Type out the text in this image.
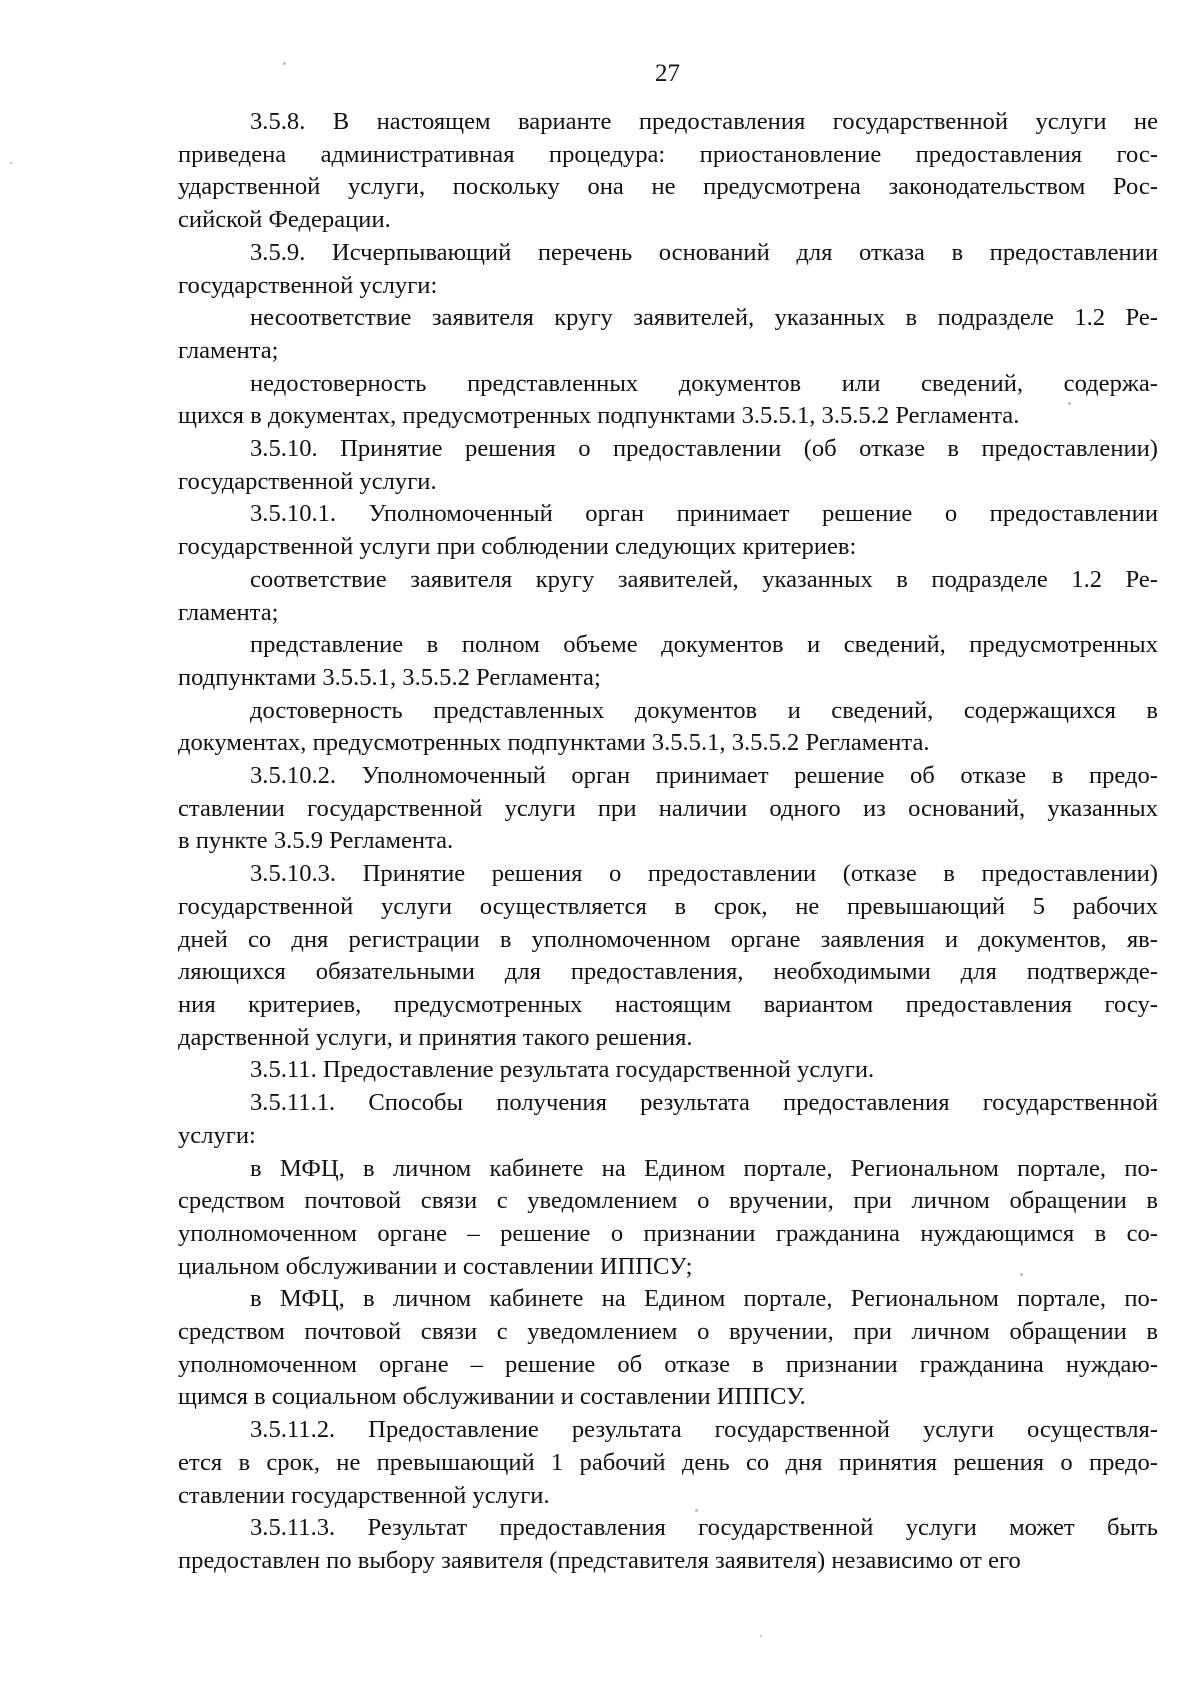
27
3.5.8. В настоящем варианте предоставления государственной услуги не
приведена административная процедура: приостановление предоставления гос-
ударственной услуги, поскольку она не предусмотрена законодательством Рос-
сийской Федерации.
3.5.9. Исчерпывающий перечень оснований для отказа в предоставлении
государственной услуги:
несоответствие заявителя кругу заявителей, указанных в подразделе 1.2 Ре-
гламента;
недостоверность представленных документов или сведений, содержа-
щихся в документах, предусмотренных подпунктами 3.5.5.1, 3.5.5.2 Регламента.
3.5.10. Принятие решения о предоставлении (об отказе в предоставлении)
государственной услуги.
3.5.10.1. Уполномоченный орган принимает решение о предоставлении
государственной услуги при соблюдении следующих критериев:
соответствие заявителя кругу заявителей, указанных в подразделе 1.2 Ре-
гламента;
представление в полном объеме документов и сведений, предусмотренных
подпунктами 3.5.5.1, 3.5.5.2 Регламента;
достоверность представленных документов и сведений, содержащихся в
документах, предусмотренных подпунктами 3.5.5.1, 3.5.5.2 Регламента.
3.5.10.2. Уполномоченный орган принимает решение об отказе в предо-
ставлении государственной услуги при наличии одного из оснований, указанных
в пункте 3.5.9 Регламента.
3.5.10.3. Принятие решения о предоставлении (отказе в предоставлении)
государственной услуги осуществляется в срок, не превышающий 5 рабочих
дней со дня регистрации в уполномоченном органе заявления и документов, яв-
ляющихся обязательными для предоставления, необходимыми для подтвержде-
ния критериев, предусмотренных настоящим вариантом предоставления госу-
дарственной услуги, и принятия такого решения.
3.5.11. Предоставление результата государственной услуги.
3.5.11.1. Способы получения результата предоставления государственной
услуги:
в МФЦ, в личном кабинете на Едином портале, Региональном портале, по-
средством почтовой связи с уведомлением о вручении, при личном обращении в
уполномоченном органе – решение о признании гражданина нуждающимся в со-
циальном обслуживании и составлении ИППСУ;
в МФЦ, в личном кабинете на Едином портале, Региональном портале, по-
средством почтовой связи с уведомлением о вручении, при личном обращении в
уполномоченном органе – решение об отказе в признании гражданина нуждаю-
щимся в социальном обслуживании и составлении ИППСУ.
3.5.11.2. Предоставление результата государственной услуги осуществля-
ется в срок, не превышающий 1 рабочий день со дня принятия решения о предо-
ставлении государственной услуги.
3.5.11.3. Результат предоставления государственной услуги может быть
предоставлен по выбору заявителя (представителя заявителя) независимо от его
